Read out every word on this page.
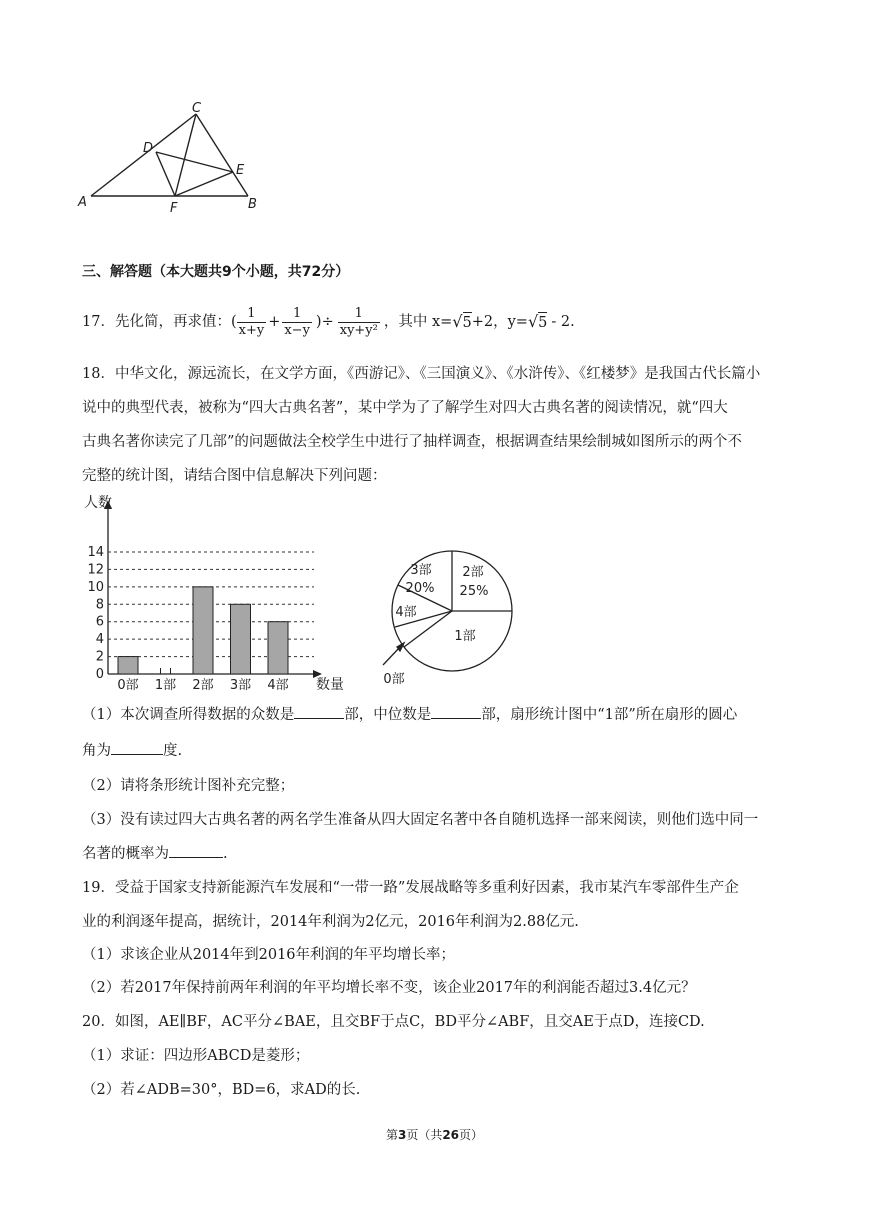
C
D
E
A	F	B
三、解答题（本大题共9个小题，共72分）
17．先化简，再求值：( $\frac{1}{x+y} + \frac{1}{x-y}$ )÷ $\frac{1}{\text{xy+y²}}$ ，其中 x= √ 5 +2，y= √ 5 - 2.
18．中华文化，源远流长，在文学方面，《西游记》、《三国演义》、《水浒传》、《红楼梦》是我国古代长篇小
说中的典型代表，被称为“四大古典名著”，某中学为了了解学生对四大古典名著的阅读情况，就“四大
古典名著你读完了几部”的问题做法全校学生中进行了抽样调查，根据调查结果绘制城如图所示的两个不
完整的统计图，请结合图中信息解决下列问题：
0
2
4
6
8
10
12
14
0部 1部 2部 3部 4部
人数
数量
2部
25%
1部
3部
20%
4部
0部
（1）本次调查所得数据的众数是	部，中位数是	部，扇形统计图中“1部”所在扇形的圆心
角为	度.
（2）请将条形统计图补充完整；
（3）没有读过四大古典名著的两名学生准备从四大固定名著中各自随机选择一部来阅读，则他们选中同一
名著的概率为	.
19．受益于国家支持新能源汽车发展和“一带一路”发展战略等多重利好因素，我市某汽车零部件生产企
业的利润逐年提高，据统计，2014年利润为2亿元，2016年利润为2.88亿元.
（1）求该企业从2014年到2016年利润的年平均增长率；
（2）若2017年保持前两年利润的年平均增长率不变，该企业2017年的利润能否超过3.4亿元？
20．如图，AE∥BF，AC平分∠BAE，且交BF于点C，BD平分∠ABF，且交AE于点D，连接CD.
（1）求证：四边形ABCD是菱形；
（2）若∠ADB=30°，BD=6，求AD的长.
第3页（共26页）
